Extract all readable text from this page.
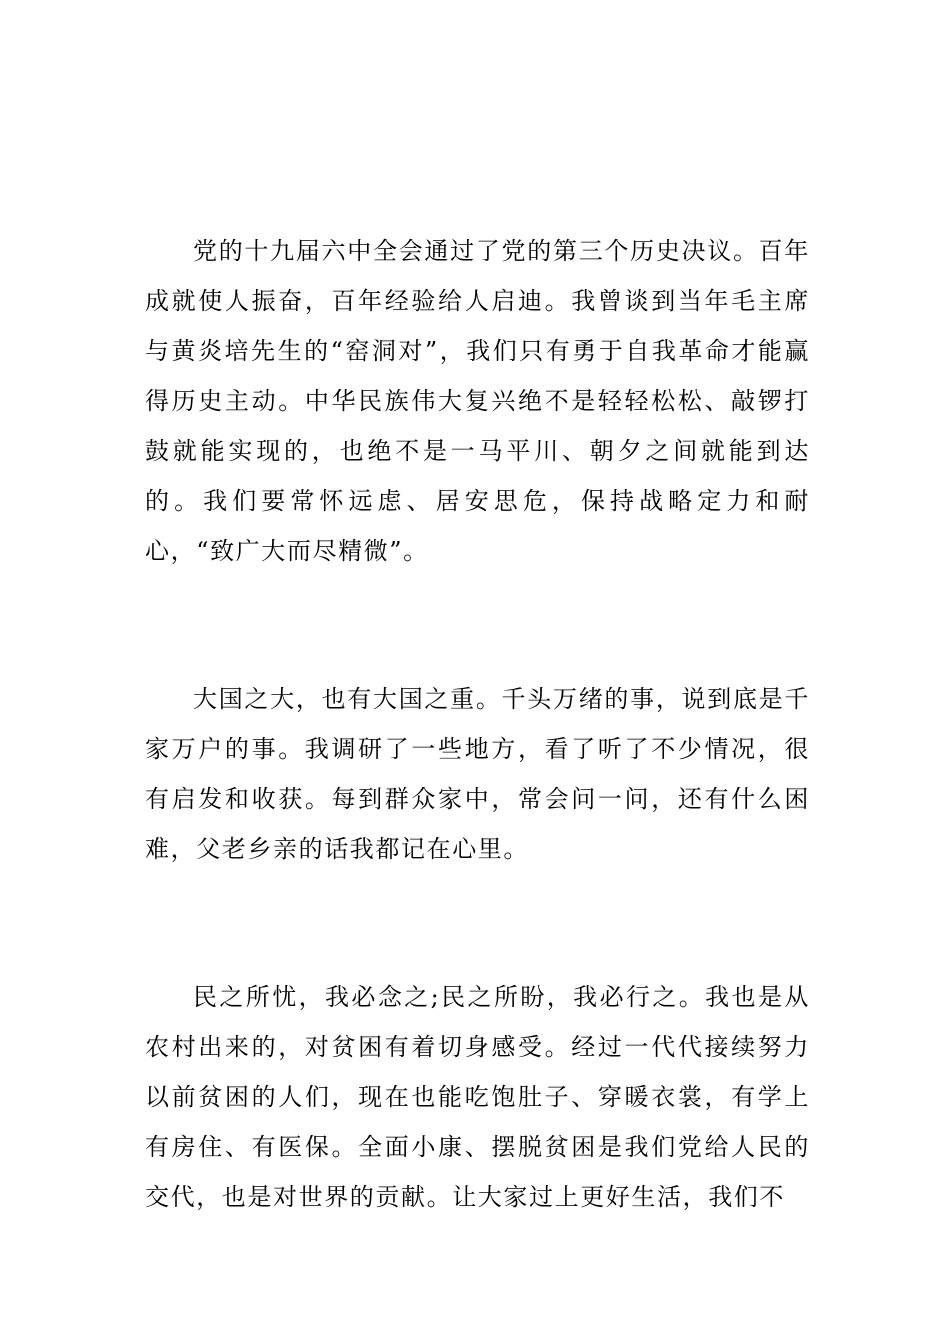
党的十九届六中全会通过了党的第三个历史决议。百年成就使人振奋，百年经验给人启迪。我曾谈到当年毛主席与黄炎培先生的“窑洞对”，我们只有勇于自我革命才能赢得历史主动。中华民族伟大复兴绝不是轻轻松松、敲锣打鼓就能实现的，也绝不是一马平川、朝夕之间就能到达的。我们要常怀远虑、居安思危，保持战略定力和耐心，“致广大而尽精微”。

大国之大，也有大国之重。千头万绪的事，说到底是千家万户的事。我调研了一些地方，看了听了不少情况，很有启发和收获。每到群众家中，常会问一问，还有什么困难，父老乡亲的话我都记在心里。

民之所忧，我必念之;民之所盼，我必行之。我也是从农村出来的，对贫困有着切身感受。经过一代代接续努力以前贫困的人们，现在也能吃饱肚子、穿暖衣裳，有学上有房住、有医保。全面小康、摆脱贫困是我们党给人民的交代，也是对世界的贡献。让大家过上更好生活，我们不
